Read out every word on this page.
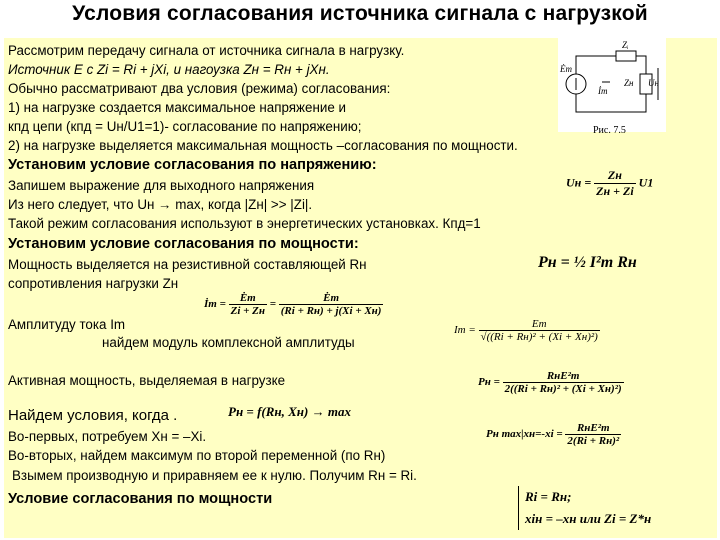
Условия согласования источника сигнала с нагрузкой
Zᵢ
Ėm
İm
Zн U̇н
Рис. 7.5
Рассмотрим передачу сигнала от источника сигнала в нагрузку.
Источник E с Zi = Ri + jXi, и нагоузка Zн = Rн + jXн.
Обычно рассматривают два условия (режима) согласования:
1) на нагрузке создается максимальное напряжение и
кпд цепи (кпд = Uн/U1=1)- согласование по напряжению;
2) на нагрузке выделяется максимальная мощность –согласования по мощности.
Установим условие согласования по напряжению:
Запишем выражение для выходного напряжения
Из него следует, что Uн → max, когда |Zн| >> |Zi|.
Такой режим согласования используют в энергетических установках. Кпд=1
Установим условие согласования по мощности:
Мощность выделяется на резистивной составляющей Rн
сопротивления нагрузки Zн
Амплитуду тока Im
найдем модуль комплексной амплитуды
Активная мощность, выделяемая в нагрузке
Найдем условия, когда .
Во-первых, потребуем Xн = –Xi.
Во-вторых, найдем максимум по второй переменной (по Rн)
Взымем производную и приравняем ее к нулю. Получим Rн = Ri.
Условие согласования по мощности
Uн = $\frac{Zн}{Zн + Zi} U1$
Pн = ½ I²m Rн
İm = $\frac{Ėm}{Zi + Zн} = \frac{Ėm}{(Ri + Rн) + j(Xi + Xн)}$
$Im = \frac{Em}{\text{√((Ri + Rн)² + (Xi + Xн)²)}}$
Pн = $\frac{\text{RнE²m}}{\text{2((Ri + Rн)² + (Xi + Xн)²)}}$
Pн = f(Rн, Xн) → max
Pн $\max|xн=-xi = \frac{\text{RнE²m}}{\text{2(Ri + Rн)²}}$
Ri = Rн;
xiн = –xн или Zi = Z*н
